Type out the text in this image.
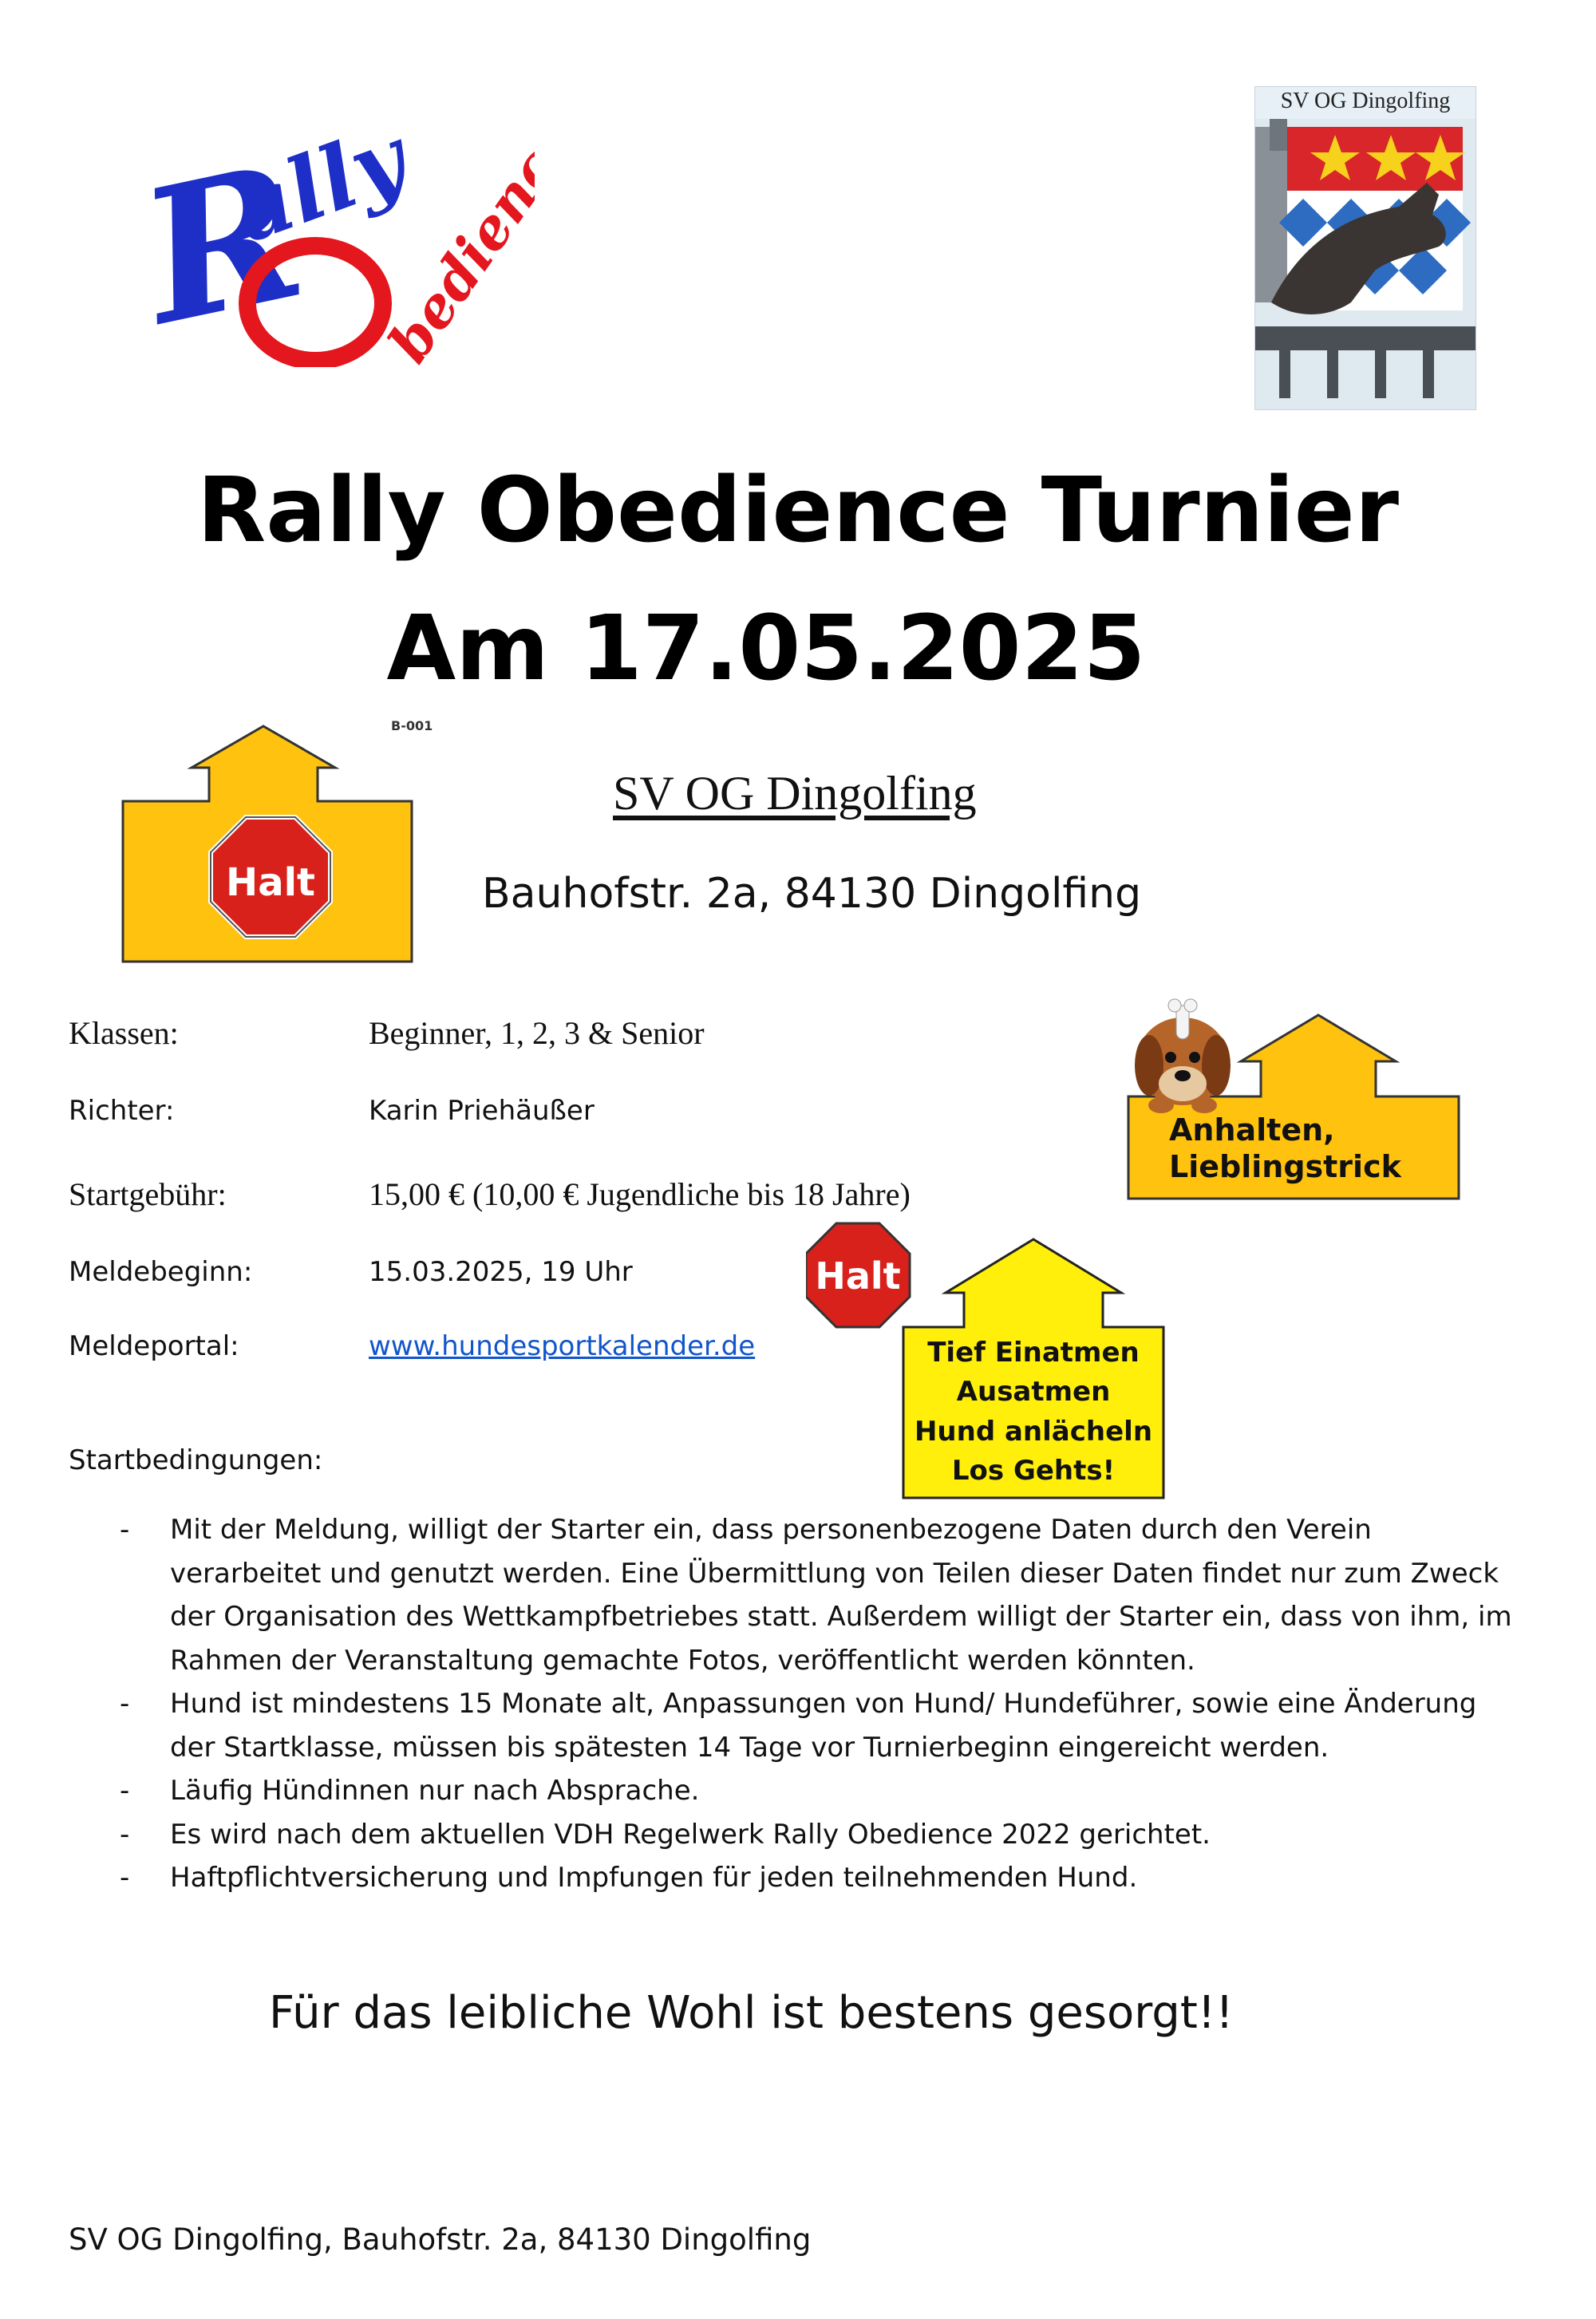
R
ally
bedience
SV OG Dingolfing
Rally Obedience Turnier
Am 17.05.2025
B-001
Halt
SV OG Dingolfing
Bauhofstr. 2a, 84130 Dingolfing
Klassen:	Beginner, 1, 2, 3 & Senior
Richter:	Karin Priehäußer
Startgebühr:	15,00 € (10,00 € Jugendliche bis 18 Jahre)
Meldebeginn:	15.03.2025, 19 Uhr
Meldeportal:	www.hundesportkalender.de
Anhalten,
Lieblingstrick
Halt
Tief Einatmen
Ausatmen
Hund anlächeln
Los Gehts!
Startbedingungen:
- Mit der Meldung, willigt der Starter ein, dass personenbezogene Daten durch den Verein verarbeitet und genutzt werden. Eine Übermittlung von Teilen dieser Daten findet nur zum Zweck der Organisation des Wettkampfbetriebes statt. Außerdem willigt der Starter ein, dass von ihm, im Rahmen der Veranstaltung gemachte Fotos, veröffentlicht werden könnten.
- Hund ist mindestens 15 Monate alt, Anpassungen von Hund/ Hundeführer, sowie eine Änderung der Startklasse, müssen bis spätesten 14 Tage vor Turnierbeginn eingereicht werden.
- Läufig Hündinnen nur nach Absprache.
- Es wird nach dem aktuellen VDH Regelwerk Rally Obedience 2022 gerichtet.
- Haftpflichtversicherung und Impfungen für jeden teilnehmenden Hund.
Für das leibliche Wohl ist bestens gesorgt!!
SV OG Dingolfing, Bauhofstr. 2a, 84130 Dingolfing
